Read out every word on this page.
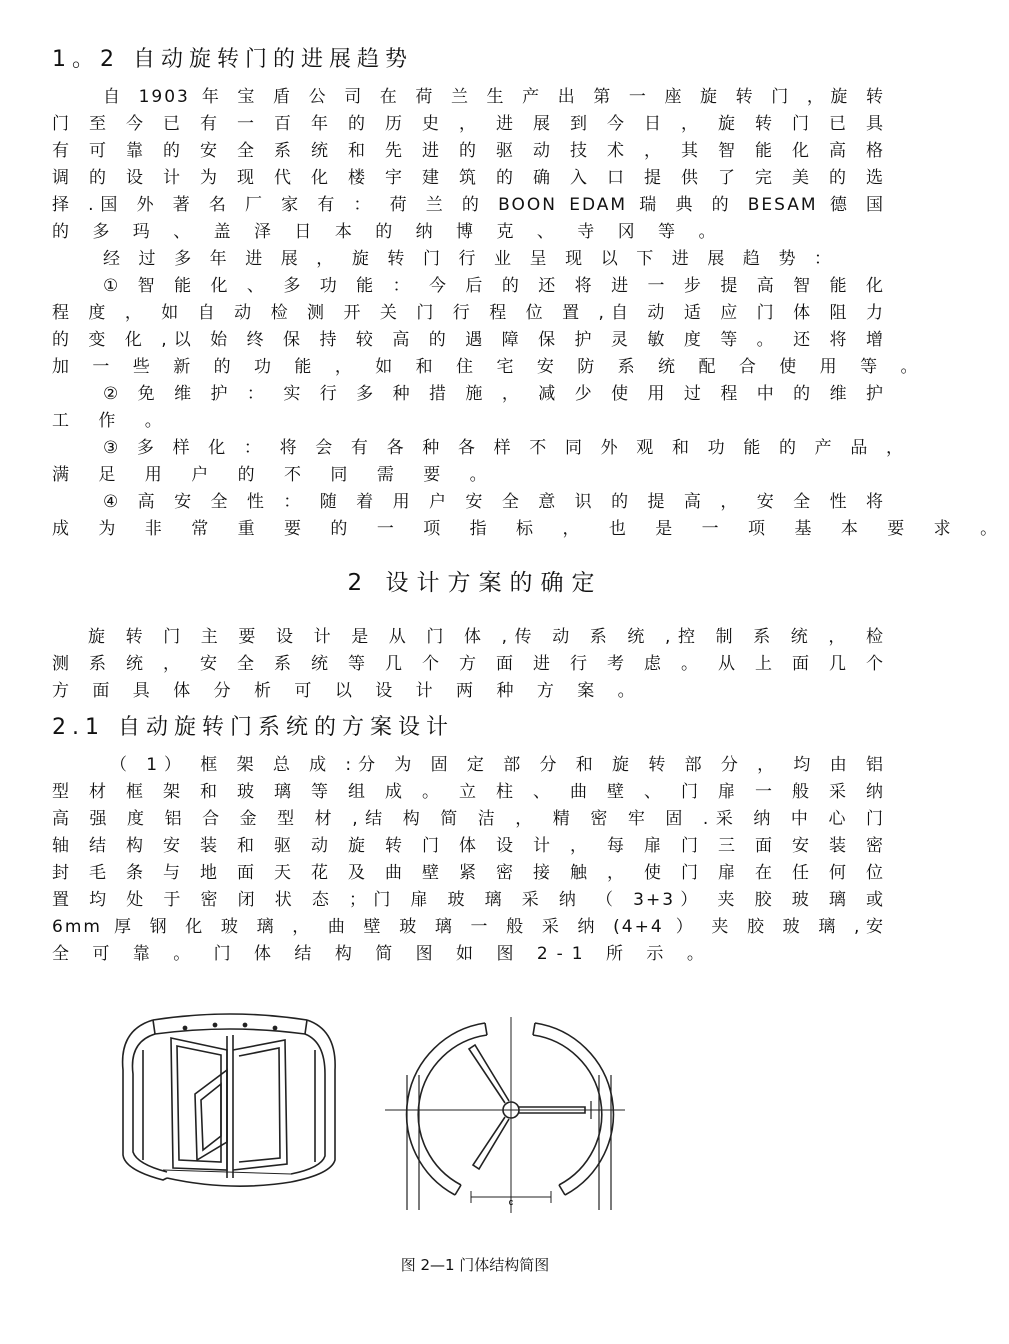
1。2 自动旋转门的进展趋势
自 1903 年 宝 盾 公 司 在 荷 兰 生 产 出 第 一 座 旋 转 门 ，旋 转
门 至 今 已 有 一 百 年 的 历 史 ， 进 展 到 今 日 ， 旋 转 门 已 具
有 可 靠 的 安 全 系 统 和 先 进 的 驱 动 技 术 ， 其 智 能 化 高 格
调 的 设 计 为 现 代 化 楼 宇 建 筑 的 确 入 口 提 供 了 完 美 的 选
择 .国 外 著 名 厂 家 有 ： 荷 兰 的 BOON EDAM 瑞 典 的 BESAM 德 国
的 多 玛 、 盖 泽 日 本 的 纳 博 克 、 寺 冈 等 。
经 过 多 年 进 展 ， 旋 转 门 行 业 呈 现 以 下 进 展 趋 势 ：
① 智 能 化 、 多 功 能 ： 今 后 的 还 将 进 一 步 提 高 智 能 化
程 度 ， 如 自 动 检 测 开 关 门 行 程 位 置 ,自 动 适 应 门 体 阻 力
的 变 化 ,以 始 终 保 持 较 高 的 遇 障 保 护 灵 敏 度 等 。 还 将 增
加 一 些 新 的 功 能 ， 如 和 住 宅 安 防 系 统 配 合 使 用 等 。
② 免 维 护 ： 实 行 多 种 措 施 ， 减 少 使 用 过 程 中 的 维 护
工 作 。
③ 多 样 化 ： 将 会 有 各 种 各 样 不 同 外 观 和 功 能 的 产 品 ，
满 足 用 户 的 不 同 需 要 。
④ 高 安 全 性 ： 随 着 用 户 安 全 意 识 的 提 高 ， 安 全 性 将
成 为 非 常 重 要 的 一 项 指 标 ， 也 是 一 项 基 本 要 求 。
2 设计方案的确定
旋 转 门 主 要 设 计 是 从 门 体 ,传 动 系 统 ,控 制 系 统 ， 检
测 系 统 ， 安 全 系 统 等 几 个 方 面 进 行 考 虑 。 从 上 面 几 个
方 面 具 体 分 析 可 以 设 计 两 种 方 案 。
2.1 自动旋转门系统的方案设计
（ 1） 框 架 总 成 :分 为 固 定 部 分 和 旋 转 部 分 ， 均 由 铝
型 材 框 架 和 玻 璃 等 组 成 。 立 柱 、 曲 壁 、 门 扉 一 般 采 纳
高 强 度 铝 合 金 型 材 ,结 构 简 洁 ， 精 密 牢 固 .采 纳 中 心 门
轴 结 构 安 装 和 驱 动 旋 转 门 体 设 计 ， 每 扉 门 三 面 安 装 密
封 毛 条 与 地 面 天 花 及 曲 壁 紧 密 接 触 ， 使 门 扉 在 任 何 位
置 均 处 于 密 闭 状 态 ；门 扉 玻 璃 采 纳 （ 3+3） 夹 胶 玻 璃 或
6mm 厚 钢 化 玻 璃 ， 曲 壁 玻 璃 一 般 采 纳 (4+4 ） 夹 胶 玻 璃 ,安
全 可 靠 。 门 体 结 构 简 图 如 图 2-1 所 示 。
c
图 2—1 门体结构简图
